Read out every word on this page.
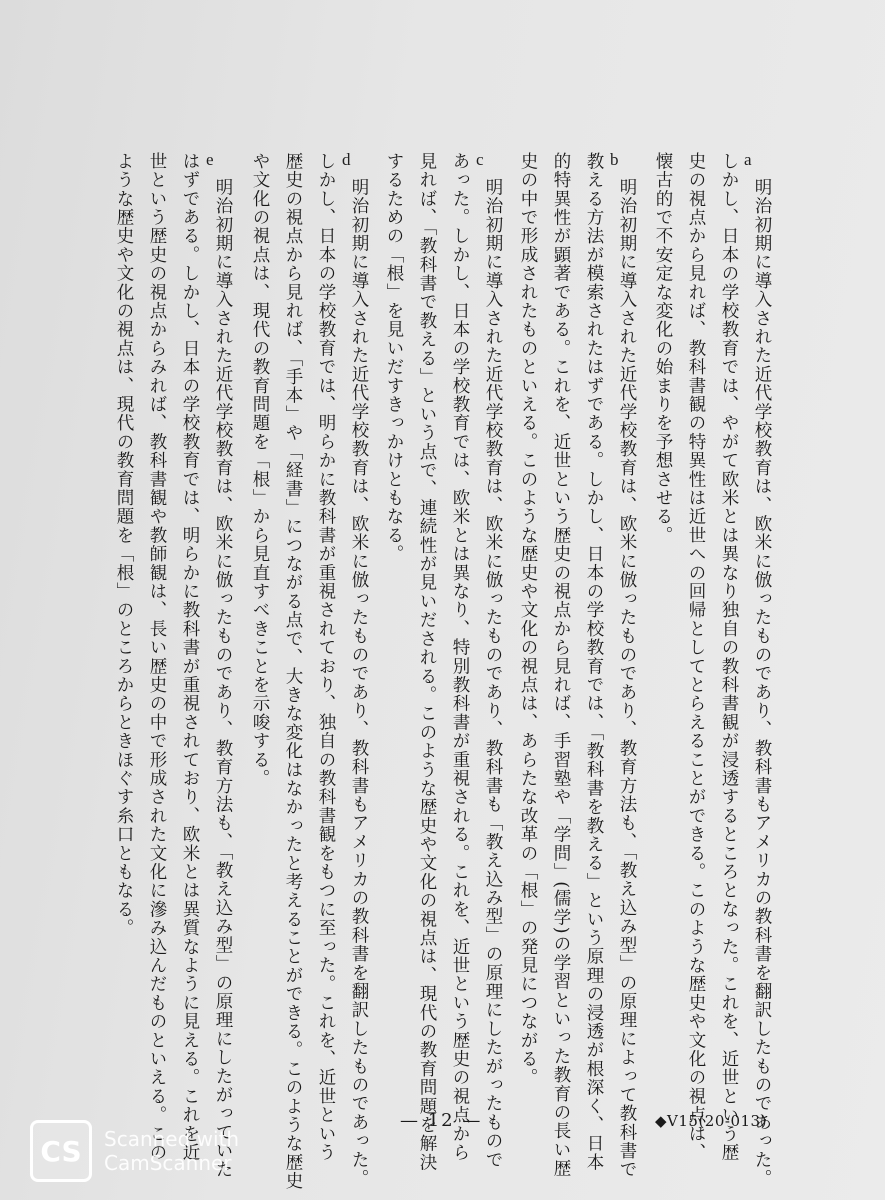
a
明治初期に導入された近代学校教育は、欧米に倣ったものであり、教科書もアメリカの教科書を翻訳したものであった。
しかし、日本の学校教育では、やがて欧米とは異なり独自の教科書観が浸透するところとなった。これを、近世という歴
史の視点から見れば、教科書観の特異性は近世への回帰としてとらえることができる。このような歴史や文化の視点は、
懐古的で不安定な変化の始まりを予想させる。
b
明治初期に導入された近代学校教育は、欧米に倣ったものであり、教育方法も、「教え込み型」の原理によって教科書で
教える方法が模索されたはずである。しかし、日本の学校教育では、「教科書を教える」という原理の浸透が根深く、日本
的特異性が顕著である。これを、近世という歴史の視点から見れば、手習塾や「学問」(儒学)の学習といった教育の長い歴
史の中で形成されたものといえる。このような歴史や文化の視点は、あらたな改革の「根」の発見につながる。
c
明治初期に導入された近代学校教育は、欧米に倣ったものであり、教科書も「教え込み型」の原理にしたがったもので
あった。しかし、日本の学校教育では、欧米とは異なり、特別教科書が重視される。これを、近世という歴史の視点から
見れば、「教科書で教える」という点で、連続性が見いだされる。このような歴史や文化の視点は、現代の教育問題を解決
するための「根」を見いだすきっかけともなる。
d
明治初期に導入された近代学校教育は、欧米に倣ったものであり、教科書もアメリカの教科書を翻訳したものであった。
しかし、日本の学校教育では、明らかに教科書が重視されており、独自の教科書観をもつに至った。これを、近世という
歴史の視点から見れば、「手本」や「経書」につながる点で、大きな変化はなかったと考えることができる。このような歴史
や文化の視点は、現代の教育問題を「根」から見直すべきことを示唆する。
e
明治初期に導入された近代学校教育は、欧米に倣ったものであり、教育方法も、「教え込み型」の原理にしたがっていた
はずである。しかし、日本の学校教育では、明らかに教科書が重視されており、欧米とは異質なように見える。これを近
世という歴史の視点からみれば、教科書観や教師観は、長い歴史の中で形成された文化に滲み込んだものといえる。この
ような歴史や文化の視点は、現代の教育問題を「根」のところからときほぐす糸口ともなる。
— 12 —	◆V15(20-013)
CS	Scanned with
CamScanner
